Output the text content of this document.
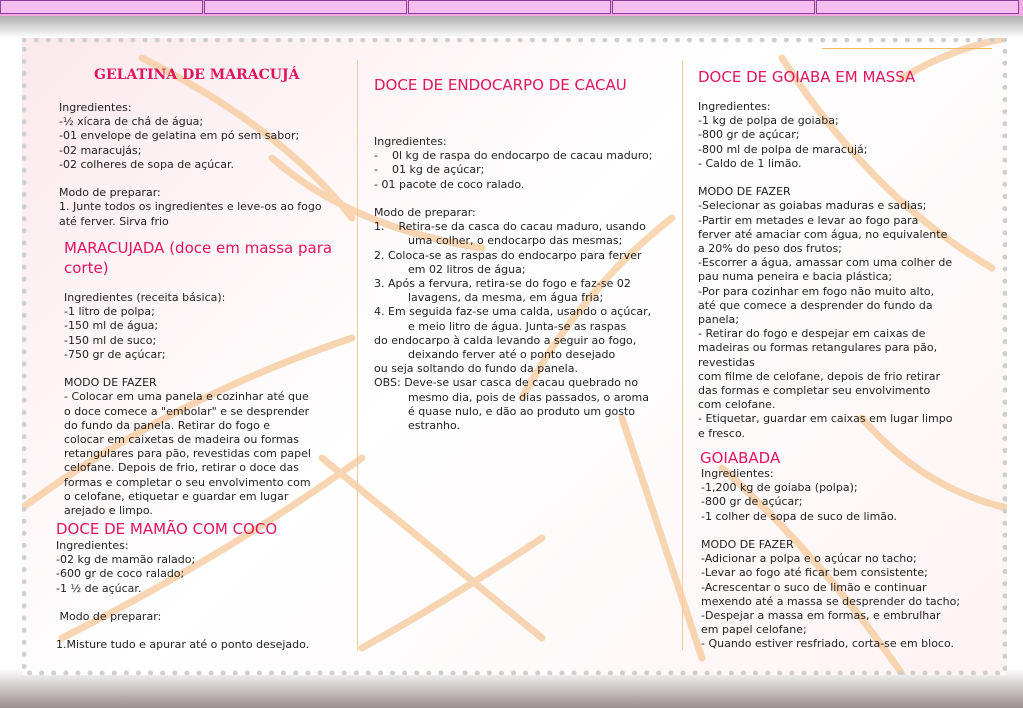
GELATINA DE MARACUJÁ

Ingredientes:

-½ xícara de chá de água;

-01 envelope de gelatina em pó sem sabor;

-02 maracujás;

-02 colheres de sopa de açúcar.

Modo de preparar:

1. Junte todos os ingredientes e leve-os ao fogo

até ferver. Sirva frio

MARACUJADA (doce em massa para corte)

Ingredientes (receita básica):

-1 litro de polpa;

-150 ml de água;

-150 ml de suco;

-750 gr de açúcar;

MODO DE FAZER

- Colocar em uma panela e cozinhar até que

o doce comece a "embolar" e se desprender

do fundo da panela. Retirar do fogo e

colocar em caixetas de madeira ou formas

retangulares para pão, revestidas com papel

celofane. Depois de frio, retirar o doce das

formas e completar o seu envolvimento com

o celofane, etiquetar e guardar em lugar

arejado e limpo.

DOCE DE MAMÃO COM COCO

Ingredientes:

-02 kg de mamão ralado;

-600 gr de coco ralado;

-1 ½ de açúcar.

Modo de preparar:

1.Misture tudo e apurar até o ponto desejado.

DOCE DE ENDOCARPO DE CACAU

Ingredientes:

-    0l kg de raspa do endocarpo de cacau maduro;

-    01 kg de açúcar;

- 01 pacote de coco ralado.

Modo de preparar:

1.    Retira-se da casca do cacau maduro, usando uma colher, o endocarpo das mesmas;

2. Coloca-se as raspas do endocarpo para ferver em 02 litros de água;

3. Após a fervura, retira-se do fogo e faz-se 02 lavagens, da mesma, em água fria;

4. Em seguida faz-se uma calda, usando o açúcar, e meio litro de água. Junta-se as raspas

do endocarpo à calda levando a seguir ao fogo, deixando ferver até o ponto desejado

ou seja soltando do fundo da panela.

OBS: Deve-se usar casca de cacau quebrado no mesmo dia, pois de dias passados, o aroma é quase nulo, e dão ao produto um gosto estranho.

DOCE DE GOIABA EM MASSA

Ingredientes:

-1 kg de polpa de goiaba;

-800 gr de açúcar;

-800 ml de polpa de maracujá;

- Caldo de 1 limão.

MODO DE FAZER

-Selecionar as goiabas maduras e sadias;

-Partir em metades e levar ao fogo para

ferver até amaciar com água, no equivalente

a 20% do peso dos frutos;

-Escorrer a água, amassar com uma colher de

pau numa peneira e bacia plástica;

-Por para cozinhar em fogo não muito alto,

até que comece a desprender do fundo da

panela;

- Retirar do fogo e despejar em caixas de

madeiras ou formas retangulares para pão,

revestidas

com filme de celofane, depois de frio retirar

das formas e completar seu envolvimento

com celofane.

- Etiquetar, guardar em caixas em lugar limpo

e fresco.

GOIABADA

Ingredientes:

-1,200 kg de goiaba (polpa);

-800 gr de açúcar;

-1 colher de sopa de suco de limão.

MODO DE FAZER

-Adicionar a polpa e o açúcar no tacho;

-Levar ao fogo até ficar bem consistente;

-Acrescentar o suco de limão e continuar

mexendo até a massa se desprender do tacho;

-Despejar a massa em formas, e embrulhar

em papel celofane;

- Quando estiver resfriado, corta-se em bloco.
